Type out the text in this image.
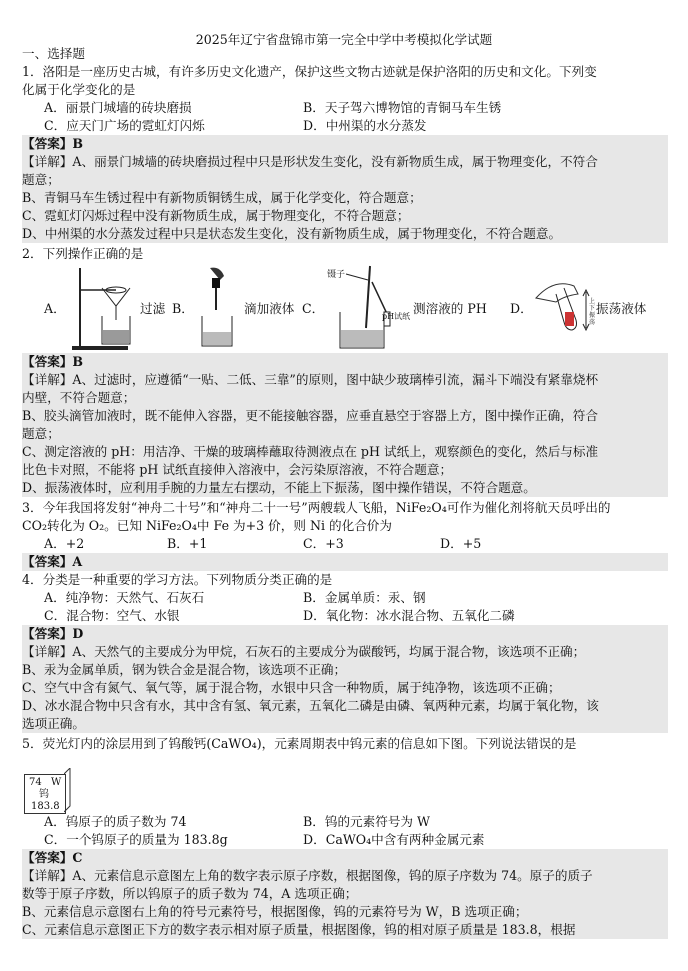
2025年辽宁省盘锦市第一完全中学中考模拟化学试题
一、选择题
1．洛阳是一座历史古城，有许多历史文化遗产，保护这些文物古迹就是保护洛阳的历史和文化。下列变
化属于化学变化的是
A．丽景门城墙的砖块磨损	B．天子驾六博物馆的青铜马车生锈
C．应天门广场的霓虹灯闪烁	D．中州渠的水分蒸发
【答案】B
【详解】A、丽景门城墙的砖块磨损过程中只是形状发生变化，没有新物质生成，属于物理变化，不符合
题意；
B、青铜马车生锈过程中有新物质铜锈生成，属于化学变化，符合题意；
C、霓虹灯闪烁过程中没有新物质生成，属于物理变化，不符合题意；
D、中州渠的水分蒸发过程中只是状态发生变化，没有新物质生成，属于物理变化，不符合题意。
2．下列操作正确的是
A．	过滤 B．	滴加液体 C．
镊子
pH试纸
测溶液的 PH D．	上下振荡
振荡液体
【答案】B
【详解】A、过滤时，应遵循“一贴、二低、三靠”的原则，图中缺少玻璃棒引流，漏斗下端没有紧靠烧杯
内壁，不符合题意；
B、胶头滴管加液时，既不能伸入容器，更不能接触容器，应垂直悬空于容器上方，图中操作正确，符合
题意；
C、测定溶液的 pH：用洁净、干燥的玻璃棒蘸取待测液点在 pH 试纸上，观察颜色的变化，然后与标准
比色卡对照，不能将 pH 试纸直接伸入溶液中，会污染原溶液，不符合题意；
D、振荡液体时，应利用手腕的力量左右摆动，不能上下振荡，图中操作错误，不符合题意。
3．今年我国将发射“神舟二十号”和“神舟二十一号”两艘载人飞船，NiFe₂O₄可作为催化剂将航天员呼出的
CO₂转化为 O₂。已知 NiFe₂O₄中 Fe 为+3 价，则 Ni 的化合价为
A．+2	B．+1	C．+3	D．+5
【答案】A
4．分类是一种重要的学习方法。下列物质分类正确的是
A．纯净物：天然气、石灰石	B．金属单质：汞、钢
C．混合物：空气、水银	D．氧化物：冰水混合物、五氧化二磷
【答案】D
【详解】A、天然气的主要成分为甲烷，石灰石的主要成分为碳酸钙，均属于混合物，该选项不正确；
B、汞为金属单质，钢为铁合金是混合物，该选项不正确；
C、空气中含有氮气、氧气等，属于混合物，水银中只含一种物质，属于纯净物，该选项不正确；
D、冰水混合物中只含有水，其中含有氢、氧元素，五氧化二磷是由磷、氧两种元素，均属于氧化物，该
选项正确。
5．荧光灯内的涂层用到了钨酸钙(CaWO₄)，元素周期表中钨元素的信息如下图。下列说法错误的是
74 W
钨
183.8
A．钨原子的质子数为 74	B．钨的元素符号为 W
C．一个钨原子的质量为 183.8g	D．CaWO₄中含有两种金属元素
【答案】C
【详解】A、元素信息示意图左上角的数字表示原子序数，根据图像，钨的原子序数为 74。原子的质子
数等于原子序数，所以钨原子的质子数为 74，A 选项正确；
B、元素信息示意图右上角的符号元素符号，根据图像，钨的元素符号为 W，B 选项正确；
C、元素信息示意图正下方的数字表示相对原子质量，根据图像，钨的相对原子质量是 183.8，根据
